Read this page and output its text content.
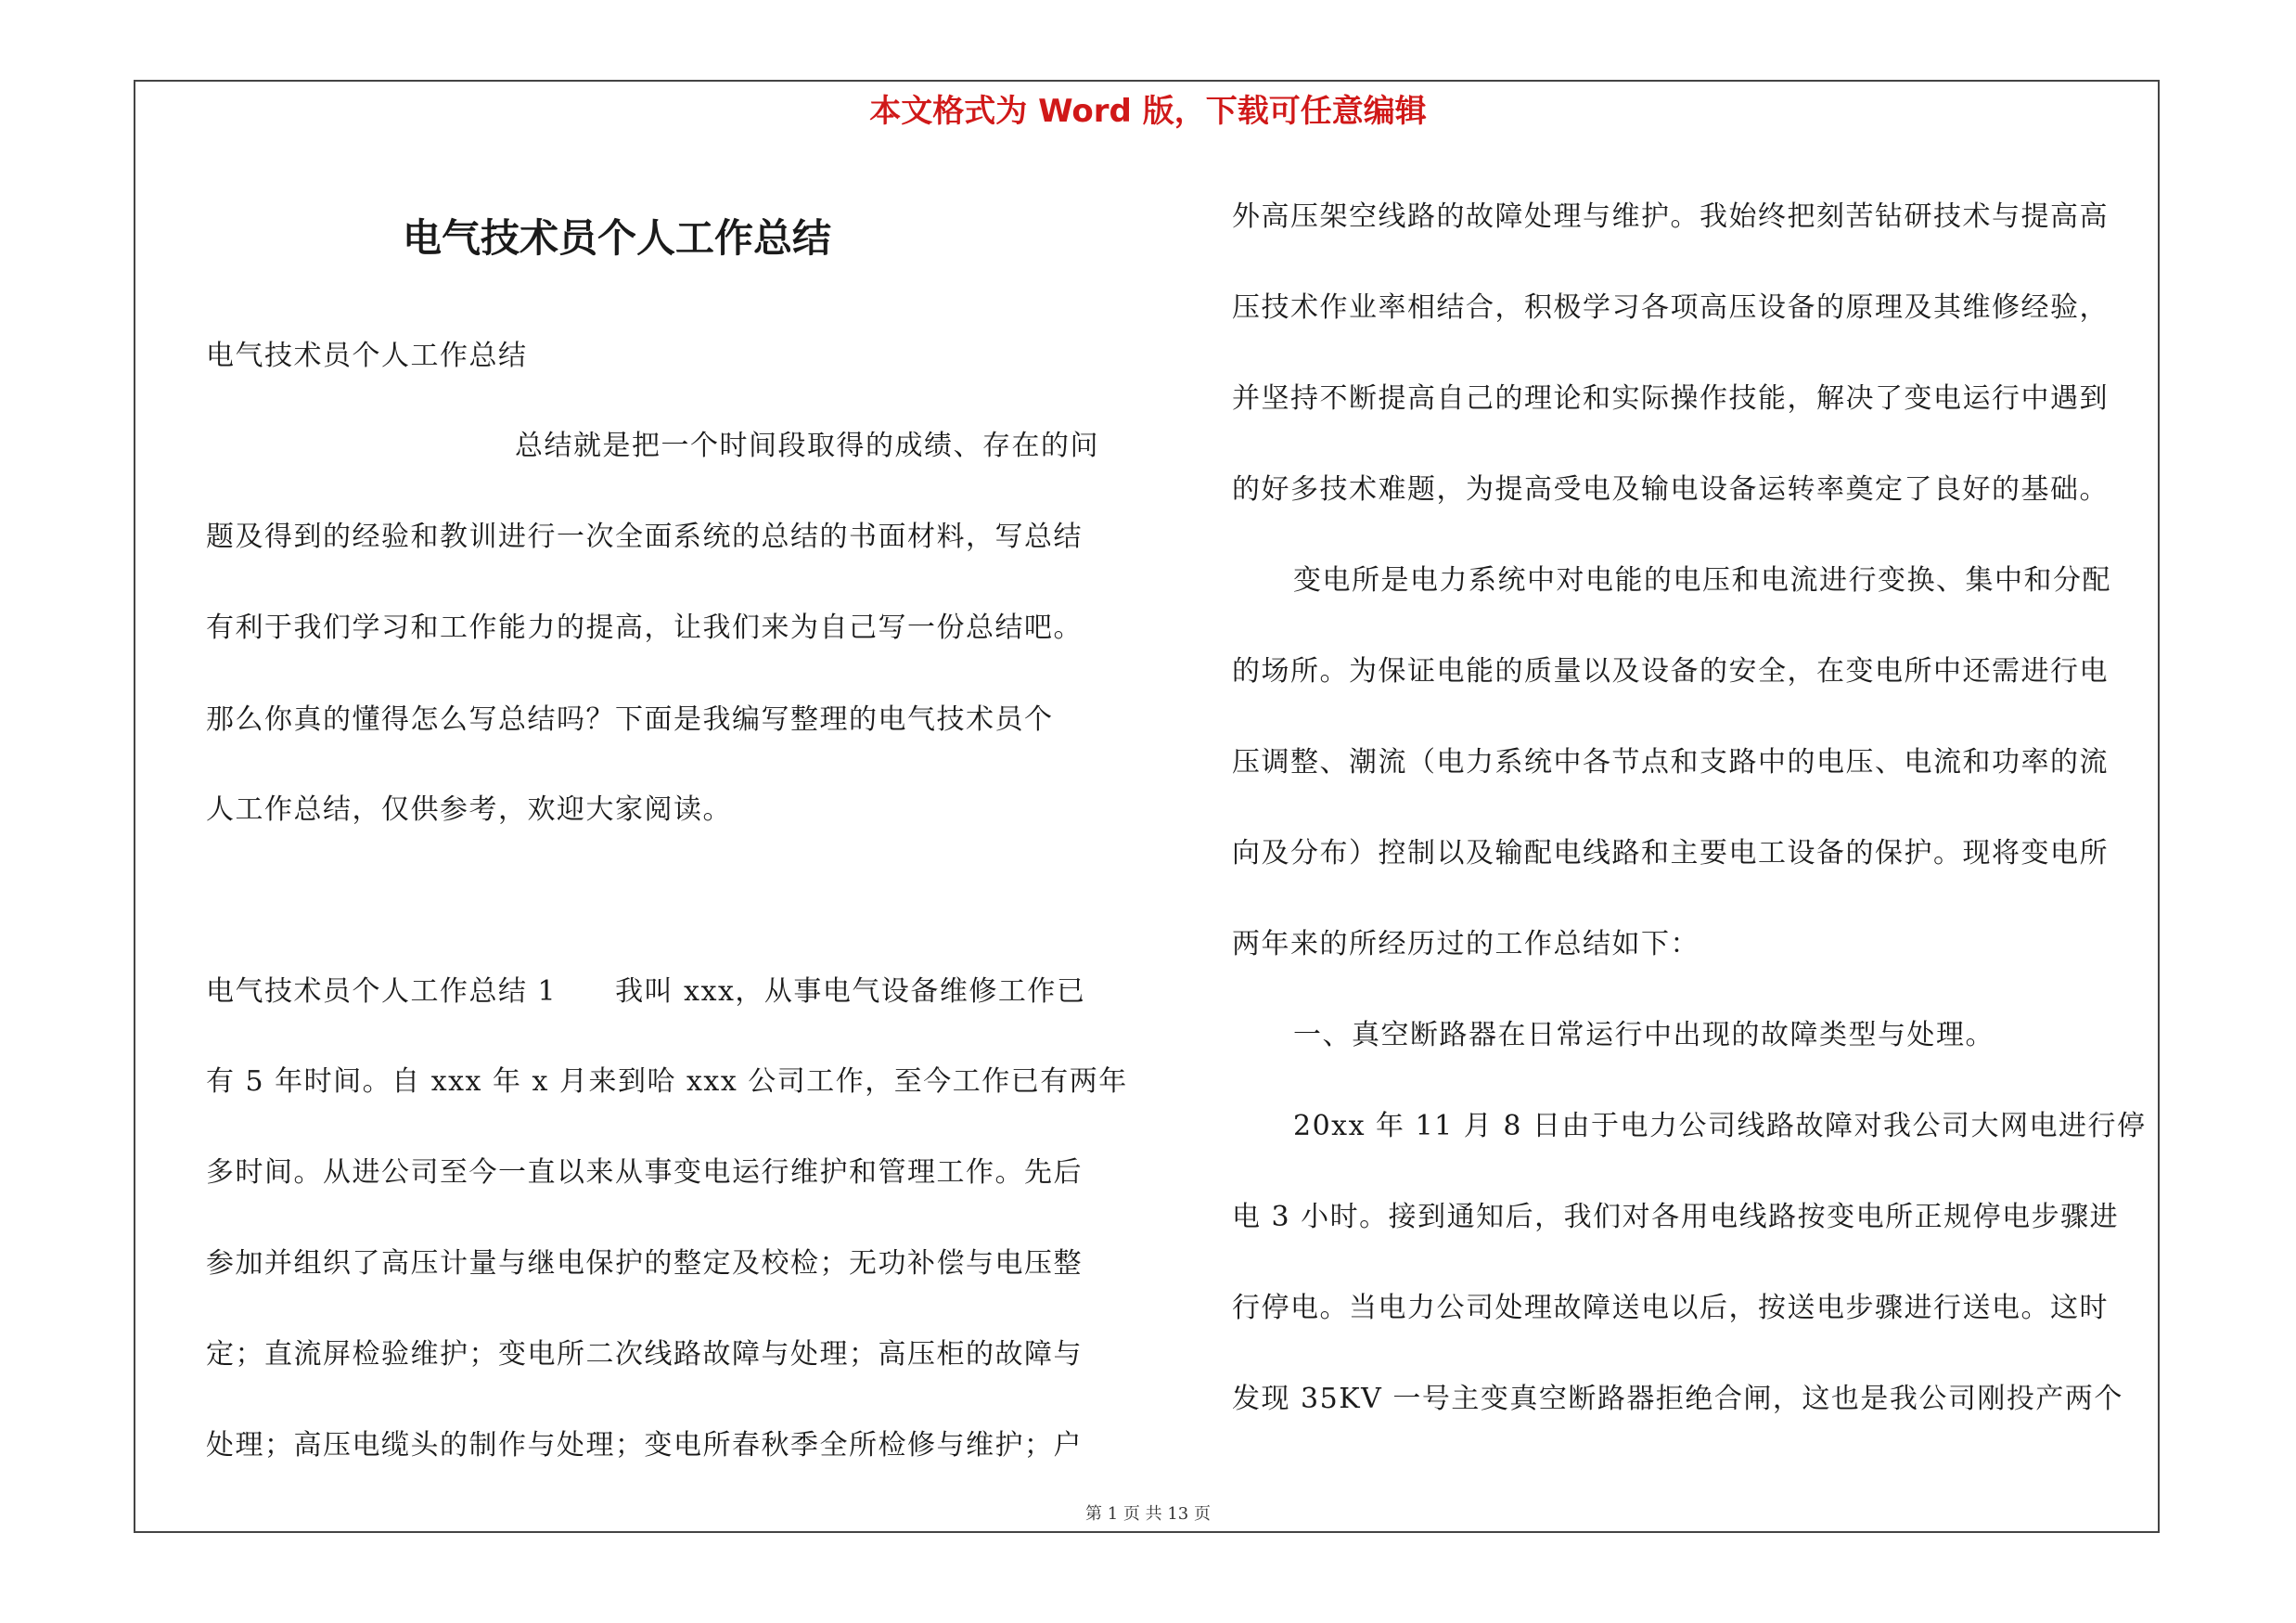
本文格式为 Word 版，下载可任意编辑
电气技术员个人工作总结
电气技术员个人工作总结
总结就是把一个时间段取得的成绩、存在的问
题及得到的经验和教训进行一次全面系统的总结的书面材料，写总结
有利于我们学习和工作能力的提高，让我们来为自己写一份总结吧。
那么你真的懂得怎么写总结吗？下面是我编写整理的电气技术员个
人工作总结，仅供参考，欢迎大家阅读。
电气技术员个人工作总结 1　　我叫 xxx，从事电气设备维修工作已
有 5 年时间。自 xxx 年 x 月来到哈 xxx 公司工作，至今工作已有两年
多时间。从进公司至今一直以来从事变电运行维护和管理工作。先后
参加并组织了高压计量与继电保护的整定及校检；无功补偿与电压整
定；直流屏检验维护；变电所二次线路故障与处理；高压柜的故障与
处理；高压电缆头的制作与处理；变电所春秋季全所检修与维护；户
外高压架空线路的故障处理与维护。我始终把刻苦钻研技术与提高高
压技术作业率相结合，积极学习各项高压设备的原理及其维修经验，
并坚持不断提高自己的理论和实际操作技能，解决了变电运行中遇到
的好多技术难题，为提高受电及输电设备运转率奠定了良好的基础。
变电所是电力系统中对电能的电压和电流进行变换、集中和分配
的场所。为保证电能的质量以及设备的安全，在变电所中还需进行电
压调整、潮流（电力系统中各节点和支路中的电压、电流和功率的流
向及分布）控制以及输配电线路和主要电工设备的保护。现将变电所
两年来的所经历过的工作总结如下：
一、真空断路器在日常运行中出现的故障类型与处理。
20xx 年 11 月 8 日由于电力公司线路故障对我公司大网电进行停
电 3 小时。接到通知后，我们对各用电线路按变电所正规停电步骤进
行停电。当电力公司处理故障送电以后，按送电步骤进行送电。这时
发现 35KV 一号主变真空断路器拒绝合闸，这也是我公司刚投产两个
第 1 页 共 13 页
